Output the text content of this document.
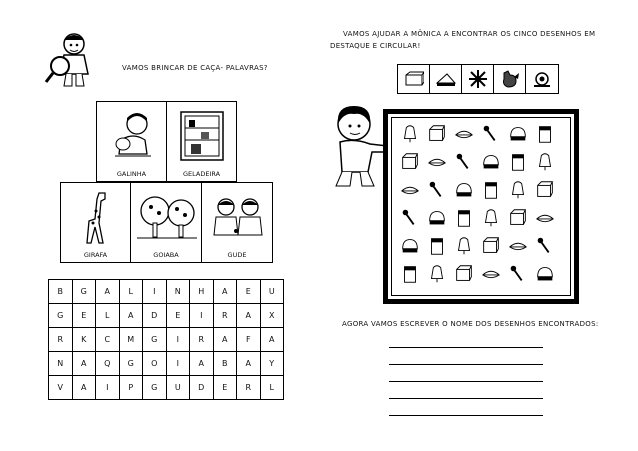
VAMOS BRINCAR DE CAÇA- PALAVRAS?
GALINHA	GELADEIRA
GIRAFA	GOIABA	GUDE
B	G	A	L	I	N	H	A	E	U
G	E	L	A	D	E	I	R	A	X
R	K	C	M	G	I	R	A	F	A
N	A	Q	G	O	I	A	B	A	Y
V	A	I	P	G	U	D	E	R	L
VAMOS AJUDAR A MÔNICA A ENCONTRAR OS CINCO DESENHOS EM
DESTAQUE E CIRCULAR!
AGORA VAMOS ESCREVER O NOME DOS DESENHOS ENCONTRADOS:
